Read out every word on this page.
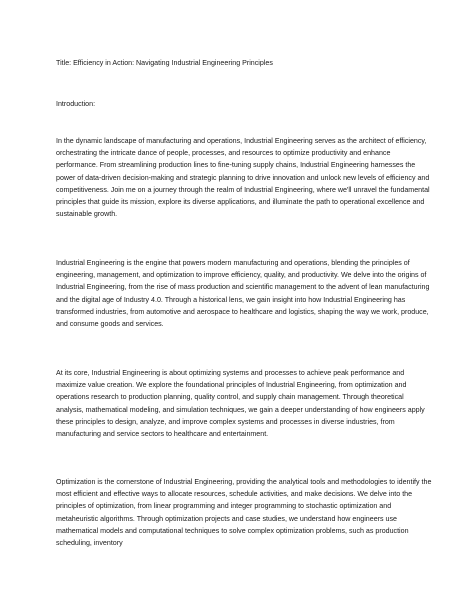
Title: Efficiency in Action: Navigating Industrial Engineering Principles

Introduction:

In the dynamic landscape of manufacturing and operations, Industrial Engineering serves as the architect of efficiency, orchestrating the intricate dance of people, processes, and resources to optimize productivity and enhance performance. From streamlining production lines to fine-tuning supply chains, Industrial Engineering harnesses the power of data-driven decision-making and strategic planning to drive innovation and unlock new levels of efficiency and competitiveness. Join me on a journey through the realm of Industrial Engineering, where we'll unravel the fundamental principles that guide its mission, explore its diverse applications, and illuminate the path to operational excellence and sustainable growth.

Industrial Engineering is the engine that powers modern manufacturing and operations, blending the principles of engineering, management, and optimization to improve efficiency, quality, and productivity. We delve into the origins of Industrial Engineering, from the rise of mass production and scientific management to the advent of lean manufacturing and the digital age of Industry 4.0. Through a historical lens, we gain insight into how Industrial Engineering has transformed industries, from automotive and aerospace to healthcare and logistics, shaping the way we work, produce, and consume goods and services.

At its core, Industrial Engineering is about optimizing systems and processes to achieve peak performance and maximize value creation. We explore the foundational principles of Industrial Engineering, from optimization and operations research to production planning, quality control, and supply chain management. Through theoretical analysis, mathematical modeling, and simulation techniques, we gain a deeper understanding of how engineers apply these principles to design, analyze, and improve complex systems and processes in diverse industries, from manufacturing and service sectors to healthcare and entertainment.

Optimization is the cornerstone of Industrial Engineering, providing the analytical tools and methodologies to identify the most efficient and effective ways to allocate resources, schedule activities, and make decisions. We delve into the principles of optimization, from linear programming and integer programming to stochastic optimization and metaheuristic algorithms. Through optimization projects and case studies, we understand how engineers use mathematical models and computational techniques to solve complex optimization problems, such as production scheduling, inventory
